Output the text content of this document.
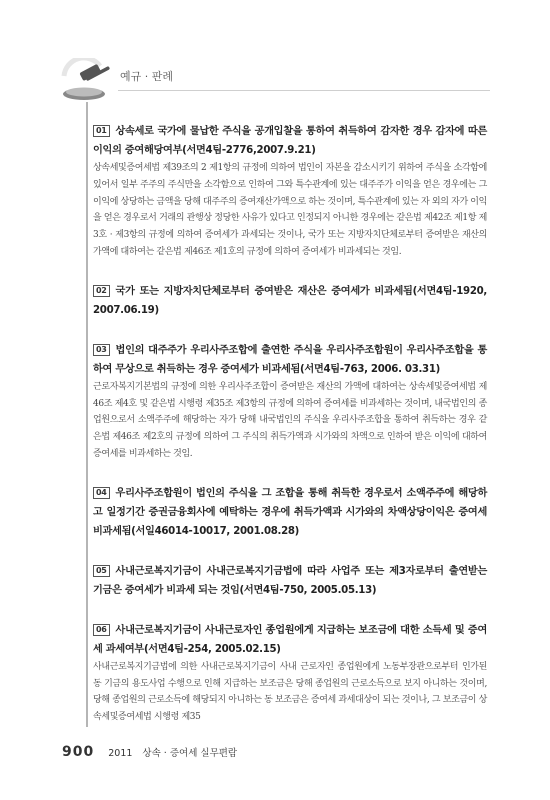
예규 · 판례
01 상속세로 국가에 물납한 주식을 공개입찰을 통하여 취득하여 감자한 경우 감자에 따른 이익의 증여해당여부(서면4팀-2776,2007.9.21)
상속세및증여세법 제39조의 2 제1항의 규정에 의하여 법인이 자본을 감소시키기 위하여 주식을 소각함에 있어서 일부 주주의 주식만을 소각함으로 인하여 그와 특수관계에 있는 대주주가 이익을 얻은 경우에는 그 이익에 상당하는 금액을 당해 대주주의 증여재산가액으로 하는 것이며, 특수관계에 있는 자 외의 자가 이익을 얻은 경우로서 거래의 관행상 정당한 사유가 있다고 인정되지 아니한 경우에는 같은법 제42조 제1항 제3호 · 제3항의 규정에 의하여 증여세가 과세되는 것이나, 국가 또는 지방자치단체로부터 증여받은 재산의 가액에 대하여는 같은법 제46조 제1호의 규정에 의하여 증여세가 비과세되는 것임.
02 국가 또는 지방자치단체로부터 증여받은 재산은 증여세가 비과세됨(서면4팀-1920, 2007.06.19)
03 법인의 대주주가 우리사주조합에 출연한 주식을 우리사주조합원이 우리사주조합을 통하여 무상으로 취득하는 경우 증여세가 비과세됨(서면4팀-763, 2006. 03.31)
근로자복지기본법의 규정에 의한 우리사주조합이 증여받은 재산의 가액에 대하여는 상속세및증여세법 제46조 제4호 및 같은법 시행령 제35조 제3항의 규정에 의하여 증여세를 비과세하는 것이며, 내국법인의 종업원으로서 소액주주에 해당하는 자가 당해 내국법인의 주식을 우리사주조합을 통하여 취득하는 경우 같은법 제46조 제2호의 규정에 의하여 그 주식의 취득가액과 시가와의 차액으로 인하여 받은 이익에 대하여 증여세를 비과세하는 것임.
04 우리사주조합원이 법인의 주식을 그 조합을 통해 취득한 경우로서 소액주주에 해당하고 일정기간 증권금융회사에 예탁하는 경우에 취득가액과 시가와의 차액상당이익은 증여세 비과세됨(서일46014-10017, 2001.08.28)
05 사내근로복지기금이 사내근로복지기금법에 따라 사업주 또는 제3자로부터 출연받는 기금은 증여세가 비과세 되는 것임(서면4팀-750, 2005.05.13)
06 사내근로복지기금이 사내근로자인 종업원에게 지급하는 보조금에 대한 소득세 및 증여세 과세여부(서면4팀-254, 2005.02.15)
사내근로복지기금법에 의한 사내근로복지기금이 사내 근로자인 종업원에게 노동부장관으로부터 인가된 동 기금의 용도사업 수행으로 인해 지급하는 보조금은 당해 종업원의 근로소득으로 보지 아니하는 것이며, 당해 종업원의 근로소득에 해당되지 아니하는 동 보조금은 증여세 과세대상이 되는 것이나, 그 보조금이 상속세및증여세법 시행령 제35
900 2011 상속 · 증여세 실무편람
